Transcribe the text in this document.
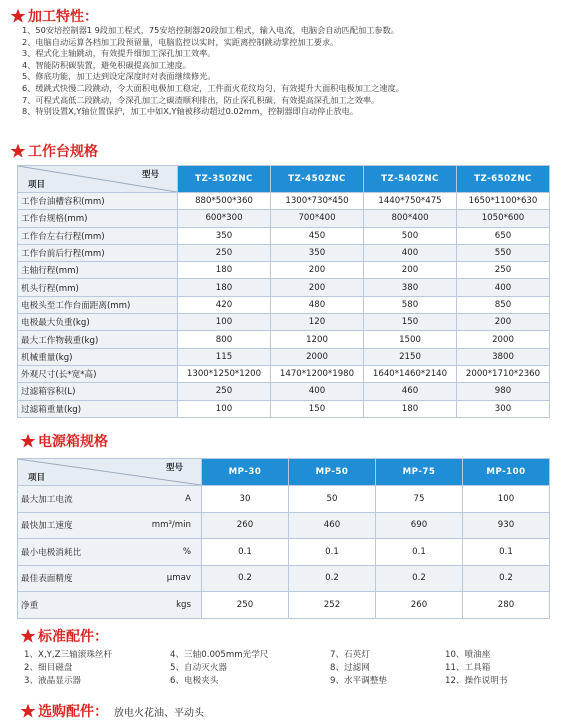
加工特性：
1、50安培控制器1 9段加工程式，75安培控制器20段加工程式，输入电流，电脑会自动匹配加工参数。
2、电脑自动运算各档加工段预留量，电脑监控以实时，实距离控制跳动掌控加工要求。
3、程式化主轴跳动，有效提升细加工深孔加工效率。
4、智能防积碳装置，避免积碳提高加工速度。
5、修底功能，加工达到设定深度时对表面继续修光。
6、缓跳式快慢二段跳动，令大面积电极加工稳定，工件面火花纹均匀，有效提升大面积电极加工之速度。
7、可程式高低二段跳动，令深孔加工之碳渣顺利排出，防止深孔积碳，有效提高深孔加工之效率。
8、特别设置X,Y轴位置保护，加工中如X,Y轴被移动超过0.02mm，控制器即自动停止放电。
工作台规格
型号
项目	TZ-350ZNC	TZ-450ZNC	TZ-540ZNC	TZ-650ZNC
工作台油槽容积(mm)	880*500*360	1300*730*450	1440*750*475	1650*1100*630
工作台规格(mm)	600*300	700*400	800*400	1050*600
工作台左右行程(mm)	350	450	500	650
工作台前后行程(mm)	250	350	400	550
主轴行程(mm)	180	200	200	250
机头行程(mm)	180	200	380	400
电极头至工作台面距离(mm)	420	480	580	850
电极最大负重(kg)	100	120	150	200
最大工作物载重(kg)	800	1200	1500	2000
机械重量(kg)	115	2000	2150	3800
外观尺寸(长*宽*高)	1300*1250*1200	1470*1200*1980	1640*1460*2140	2000*1710*2360
过滤箱容积(L)	250	400	460	980
过滤箱重量(kg)	100	150	180	300
电源箱规格
型号
项目	MP-30	MP-50	MP-75	MP-100
最大加工电流 A	30	50	75	100
最快加工速度 mm³/min	260	460	690	930
最小电极消耗比 %	0.1	0.1	0.1	0.1
最佳表面精度 μmav	0.2	0.2	0.2	0.2
净重 kgs	250	252	260	280
标准配件：
1、X,Y,Z三轴滚珠丝杆	4、三轴0.005mm光学尺	7、石英灯	10、喷油座
2、细目磁盘	5、自动灭火器	8、过滤网	11、工具箱
3、液晶显示器	6、电极夹头	9、水平调整垫	12、操作说明书
选购配件： 放电火花油、平动头
